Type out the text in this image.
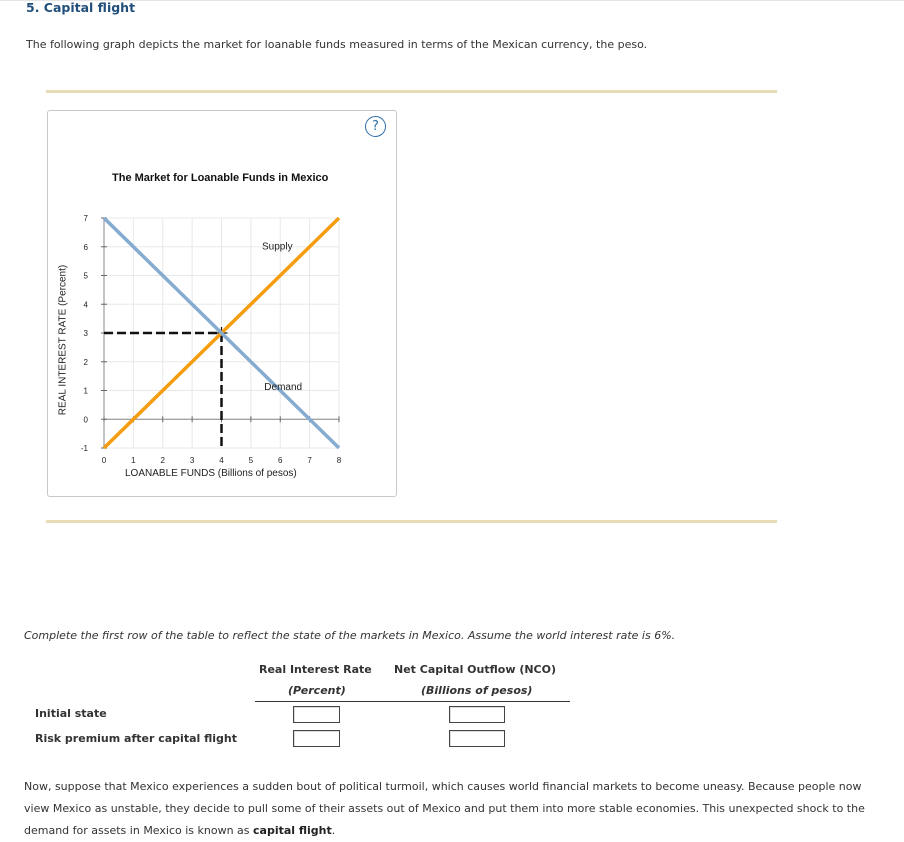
5. Capital flight
The following graph depicts the market for loanable funds measured in terms of the Mexican currency, the peso.
?
The Market for Loanable Funds in Mexico
REAL INTEREST RATE (Percent)
LOANABLE FUNDS (Billions of pesos)
7
6
5
4
3
2
1
0
-1
0	1	2	3	4	5	6	7	8
Supply
Demand
Complete the first row of the table to reflect the state of the markets in Mexico. Assume the world interest rate is 6%.
Real Interest Rate
(Percent)
Net Capital Outflow (NCO)
(Billions of pesos)
Initial state
Risk premium after capital flight
Now, suppose that Mexico experiences a sudden bout of political turmoil, which causes world financial markets to become uneasy. Because people now view Mexico as unstable, they decide to pull some of their assets out of Mexico and put them into more stable economies. This unexpected shock to the demand for assets in Mexico is known as capital flight.
